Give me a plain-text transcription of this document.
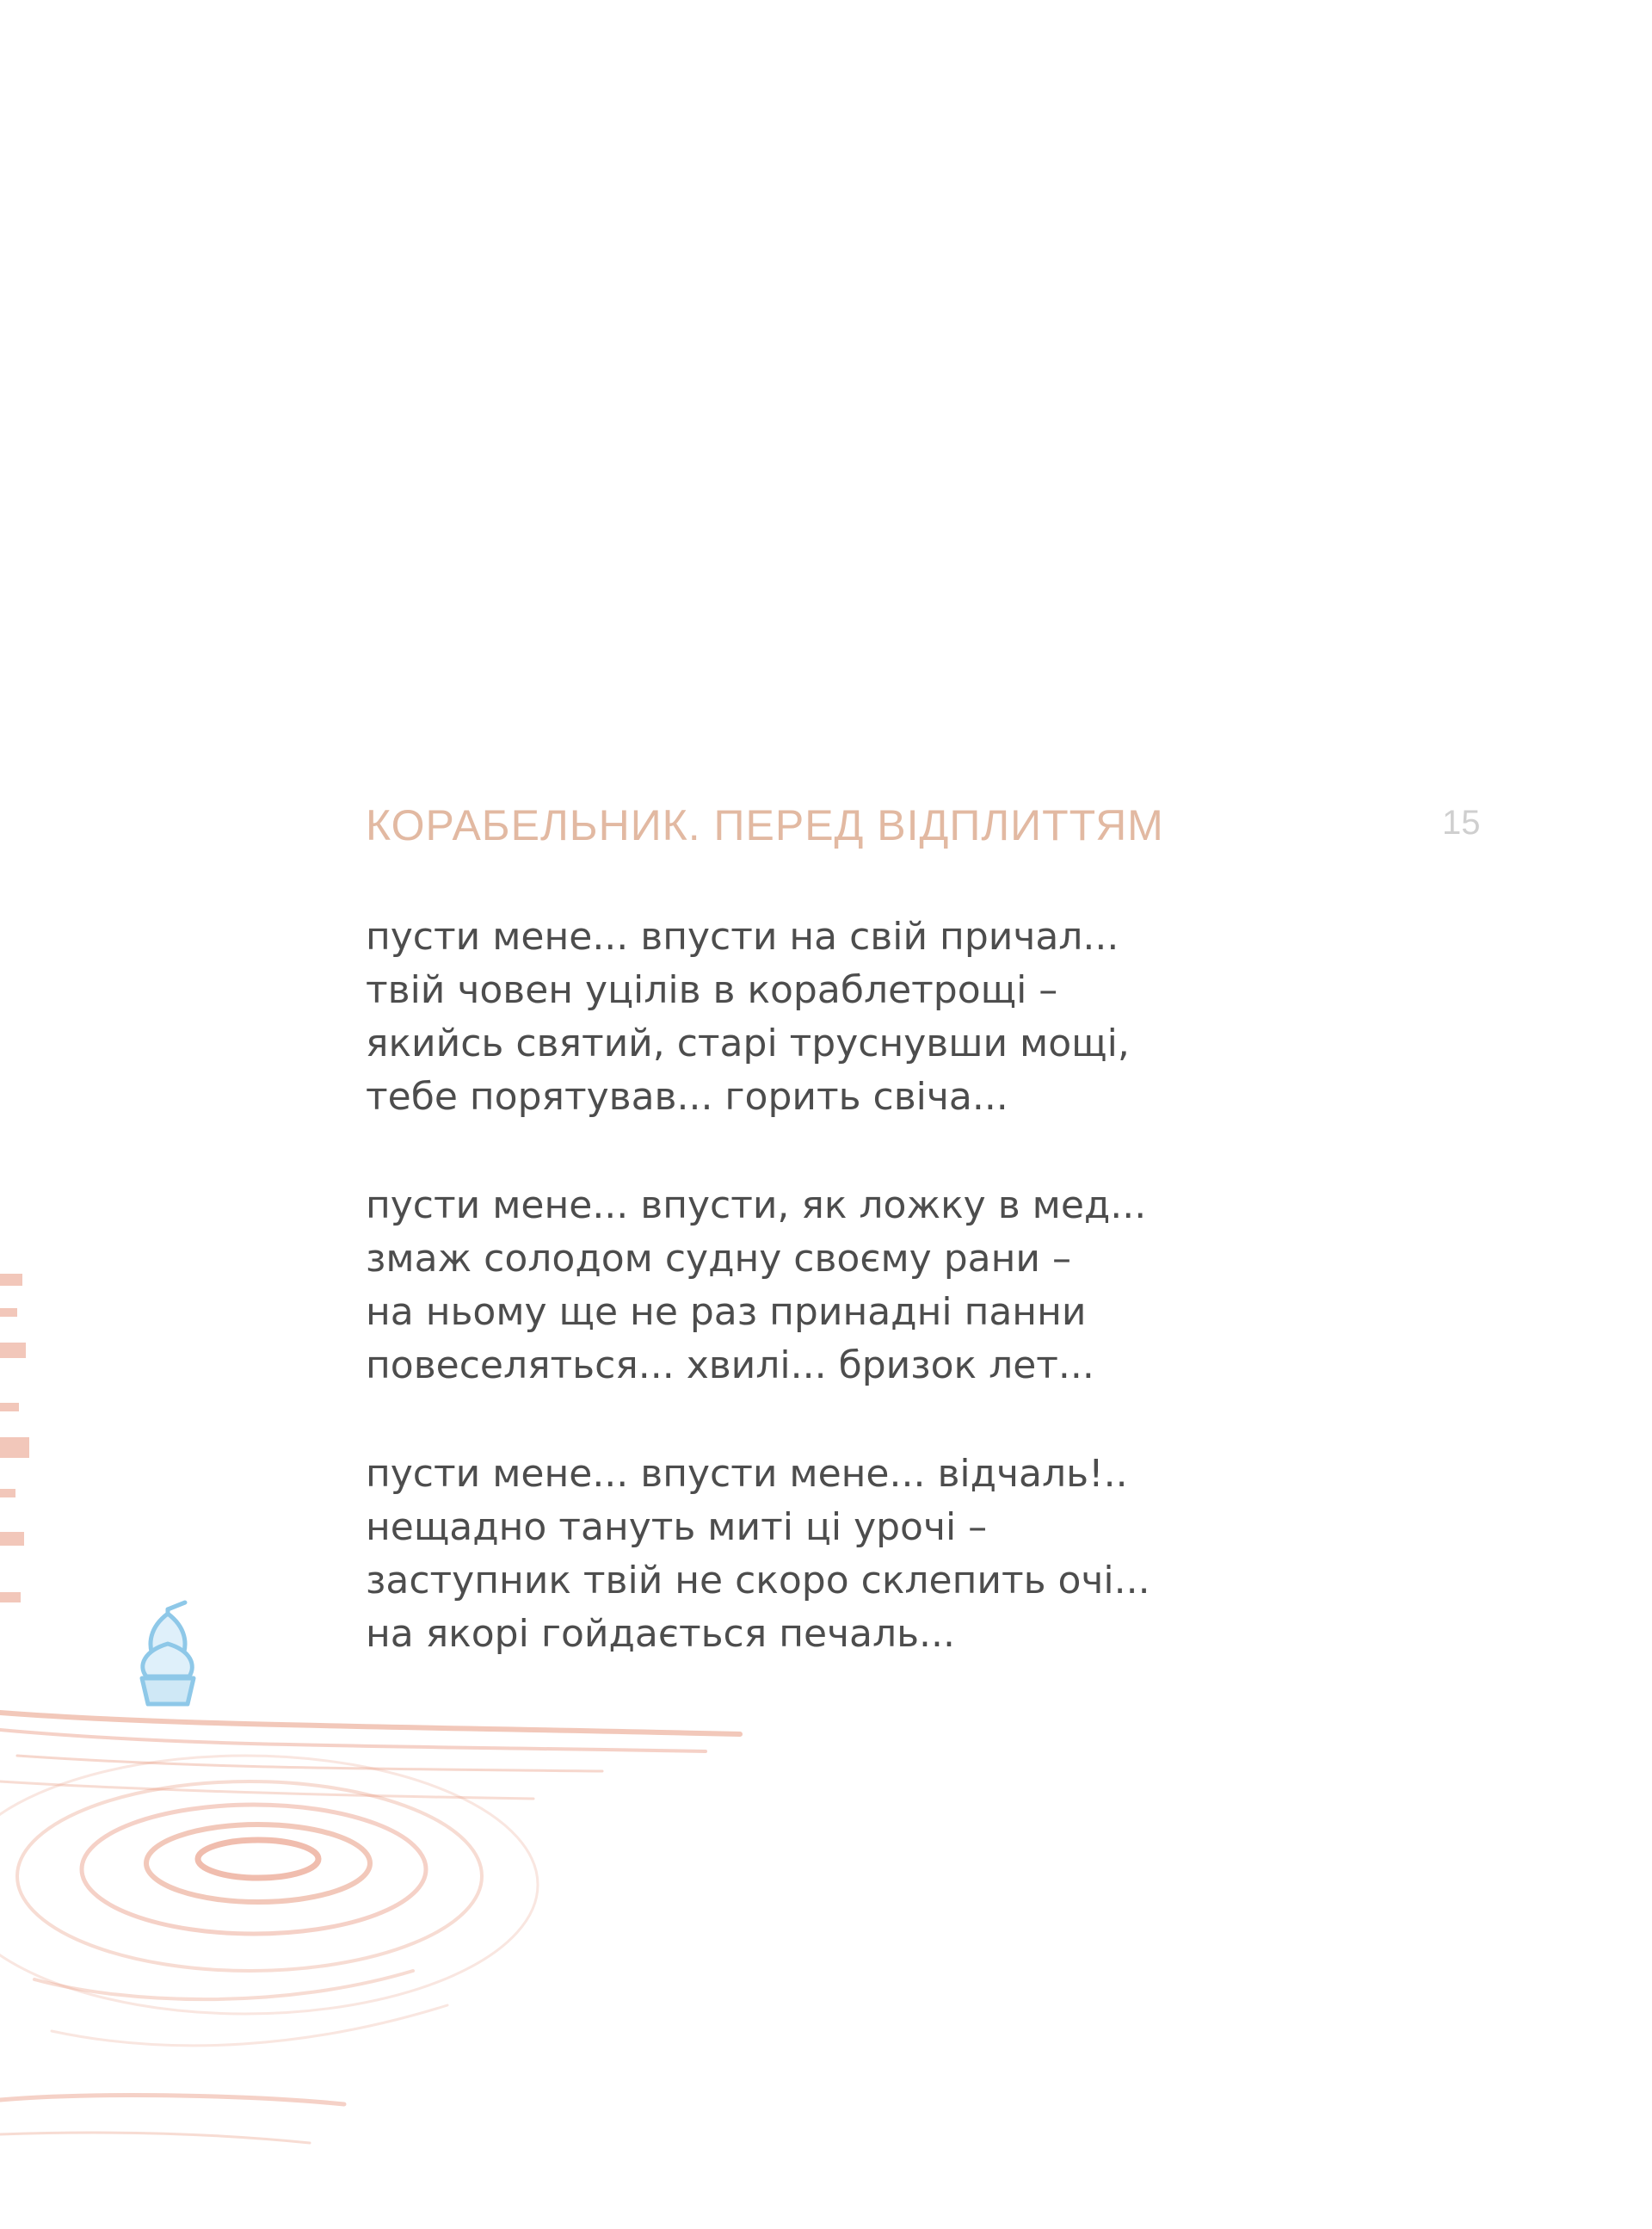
КОРАБЕЛЬНИК. ПЕРЕД ВІДПЛИТТЯМ	15
пусти мене... впусти на свій причал...
твій човен уцілів в кораблетрощі –
якийсь святий, старі труснувши мощі,
тебе порятував... горить свіча...
пусти мене... впусти, як ложку в мед...
змаж солодом судну своєму рани –
на ньому ще не раз принадні панни
повеселяться... хвилі... бризок лет...
пусти мене... впусти мене... відчаль!..
нещадно тануть миті ці урочі –
заступник твій не скоро склепить очі...
на якорі гойдається печаль...
